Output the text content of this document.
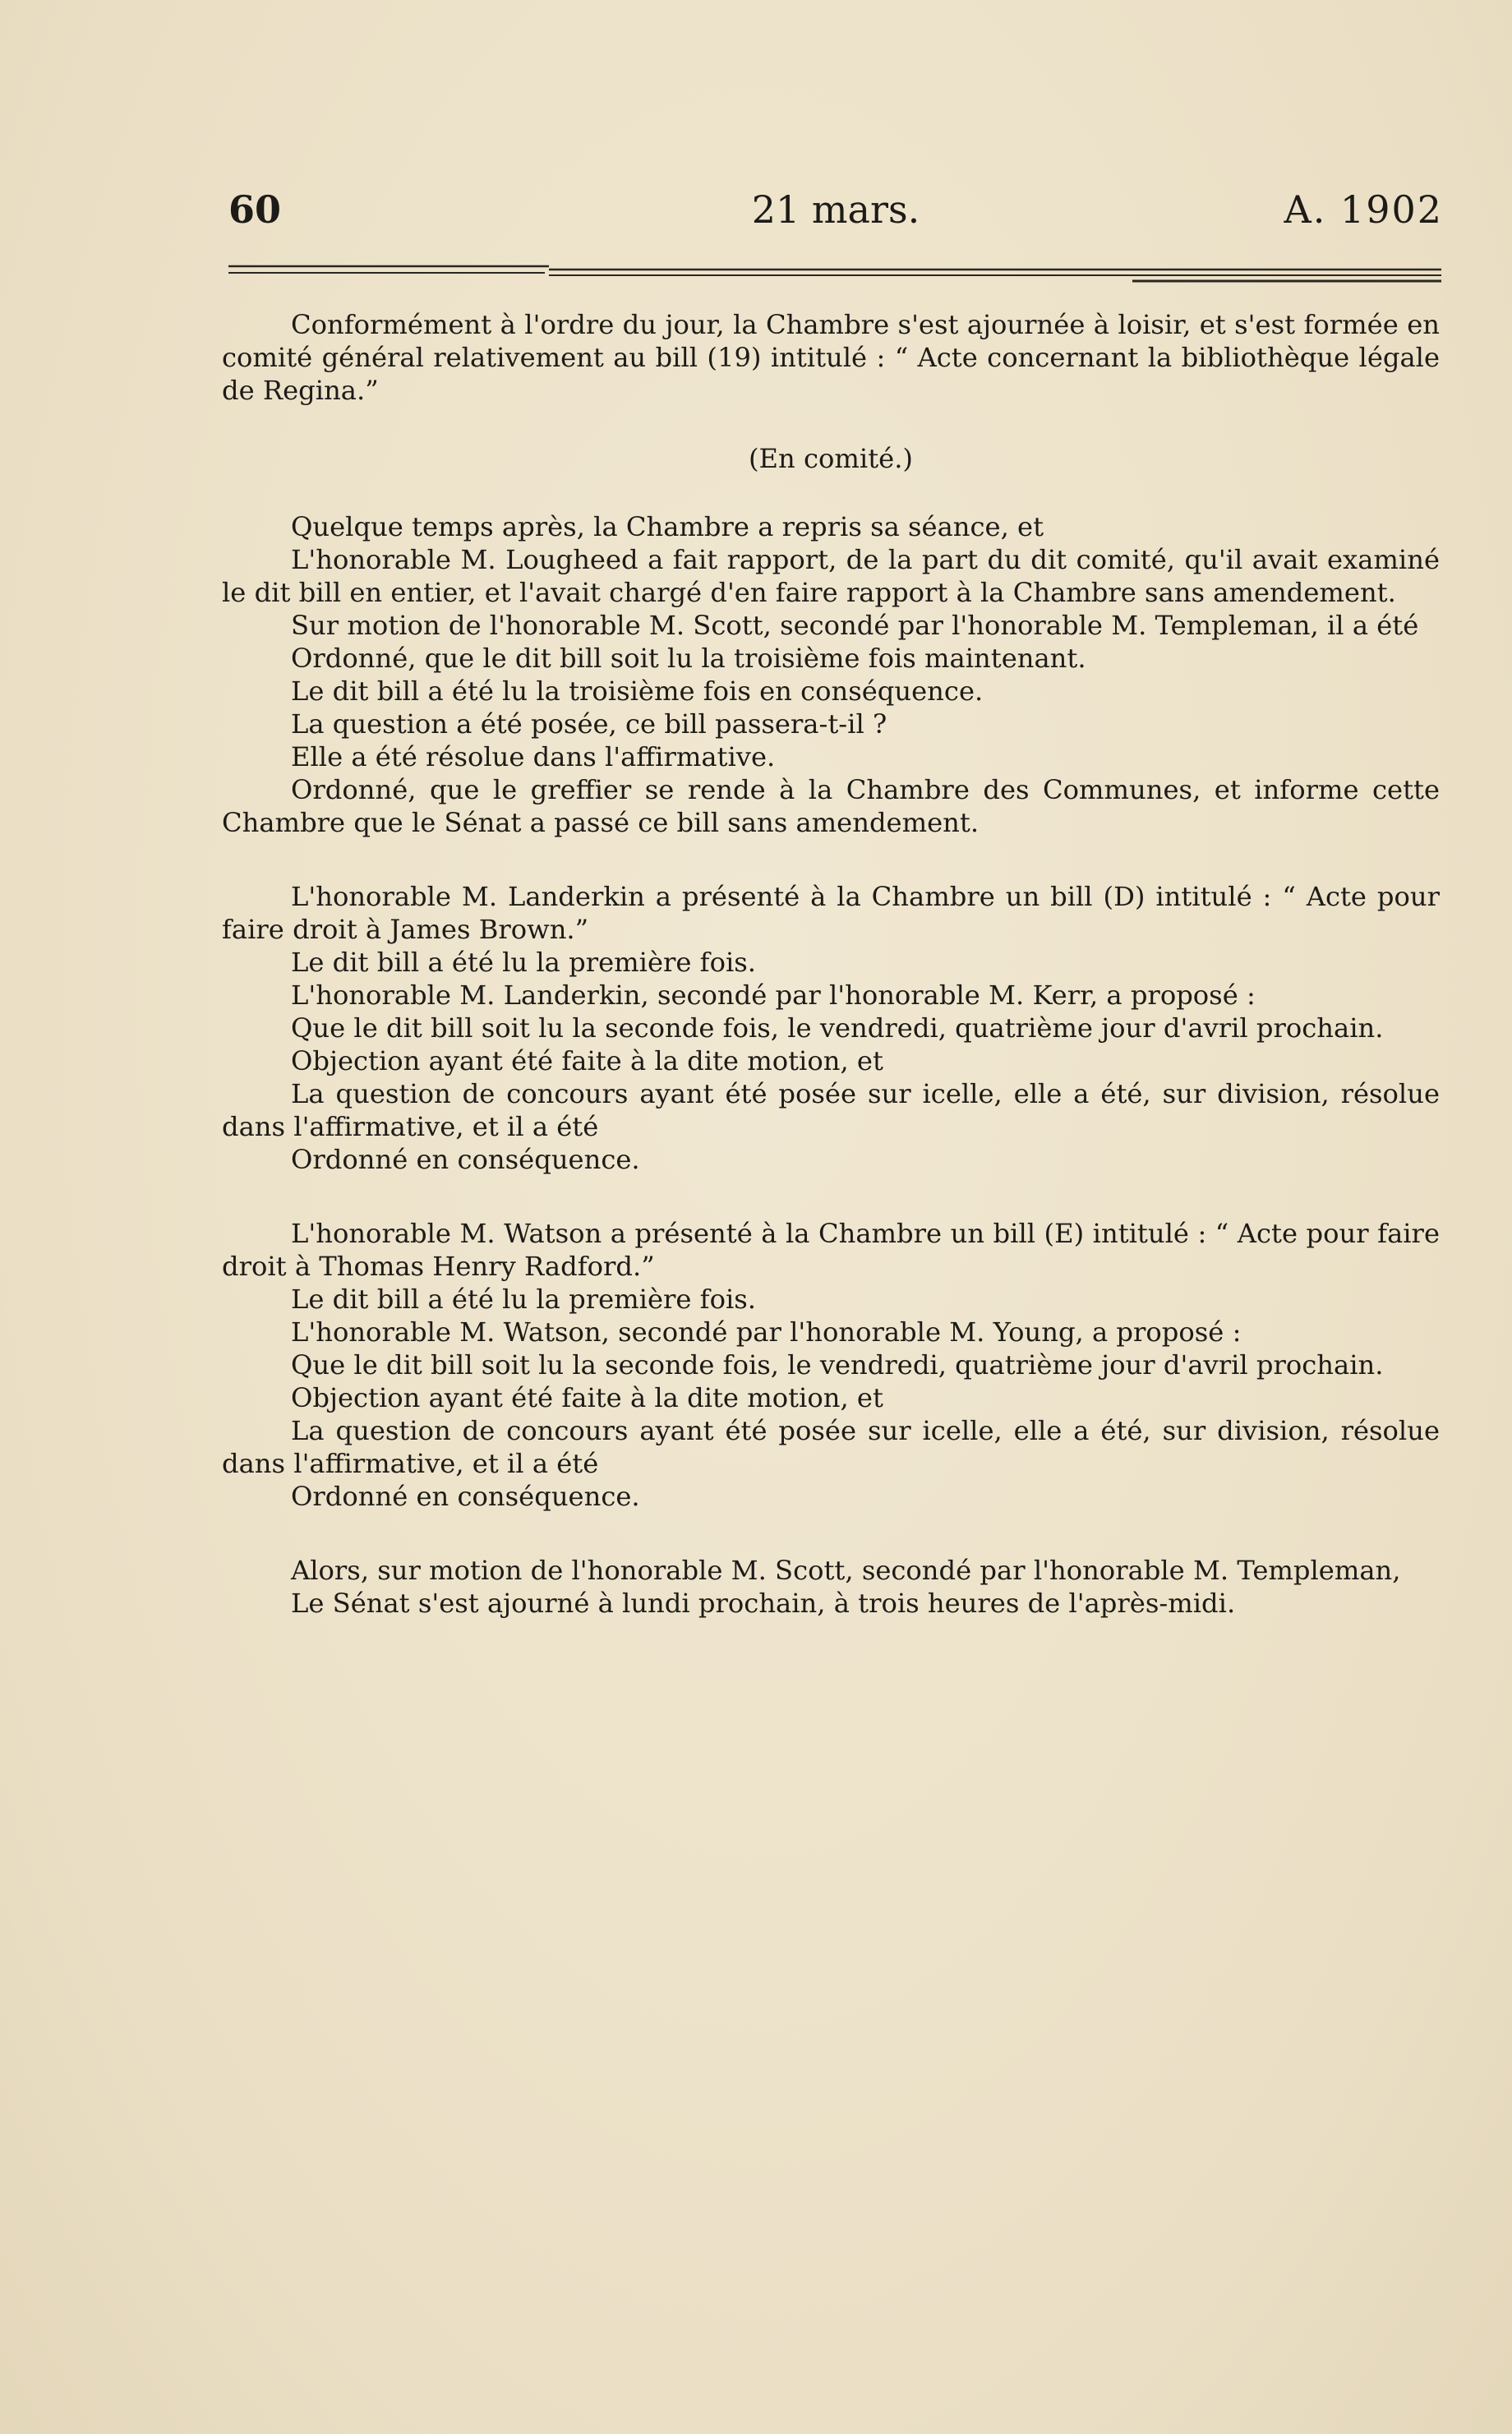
60	21 mars.	A. 1902

Conformément à l'ordre du jour, la Chambre s'est ajournée à loisir, et s'est formée en comité général relativement au bill (19) intitulé : “ Acte concernant la bibliothèque légale de Regina.”

(En comité.)

Quelque temps après, la Chambre a repris sa séance, et

L'honorable M. Lougheed a fait rapport, de la part du dit comité, qu'il avait examiné le dit bill en entier, et l'avait chargé d'en faire rapport à la Chambre sans amendement.

Sur motion de l'honorable M. Scott, secondé par l'honorable M. Templeman, il a été

Ordonné, que le dit bill soit lu la troisième fois maintenant.

Le dit bill a été lu la troisième fois en conséquence.

La question a été posée, ce bill passera-t-il ?

Elle a été résolue dans l'affirmative.

Ordonné, que le greffier se rende à la Chambre des Communes, et informe cette Chambre que le Sénat a passé ce bill sans amendement.

L'honorable M. Landerkin a présenté à la Chambre un bill (D) intitulé : “ Acte pour faire droit à James Brown.”

Le dit bill a été lu la première fois.

L'honorable M. Landerkin, secondé par l'honorable M. Kerr, a proposé :

Que le dit bill soit lu la seconde fois, le vendredi, quatrième jour d'avril prochain.

Objection ayant été faite à la dite motion, et

La question de concours ayant été posée sur icelle, elle a été, sur division, résolue dans l'affirmative, et il a été

Ordonné en conséquence.

L'honorable M. Watson a présenté à la Chambre un bill (E) intitulé : “ Acte pour faire droit à Thomas Henry Radford.”

Le dit bill a été lu la première fois.

L'honorable M. Watson, secondé par l'honorable M. Young, a proposé :

Que le dit bill soit lu la seconde fois, le vendredi, quatrième jour d'avril prochain.

Objection ayant été faite à la dite motion, et

La question de concours ayant été posée sur icelle, elle a été, sur division, résolue dans l'affirmative, et il a été

Ordonné en conséquence.

Alors, sur motion de l'honorable M. Scott, secondé par l'honorable M. Templeman,

Le Sénat s'est ajourné à lundi prochain, à trois heures de l'après-midi.
